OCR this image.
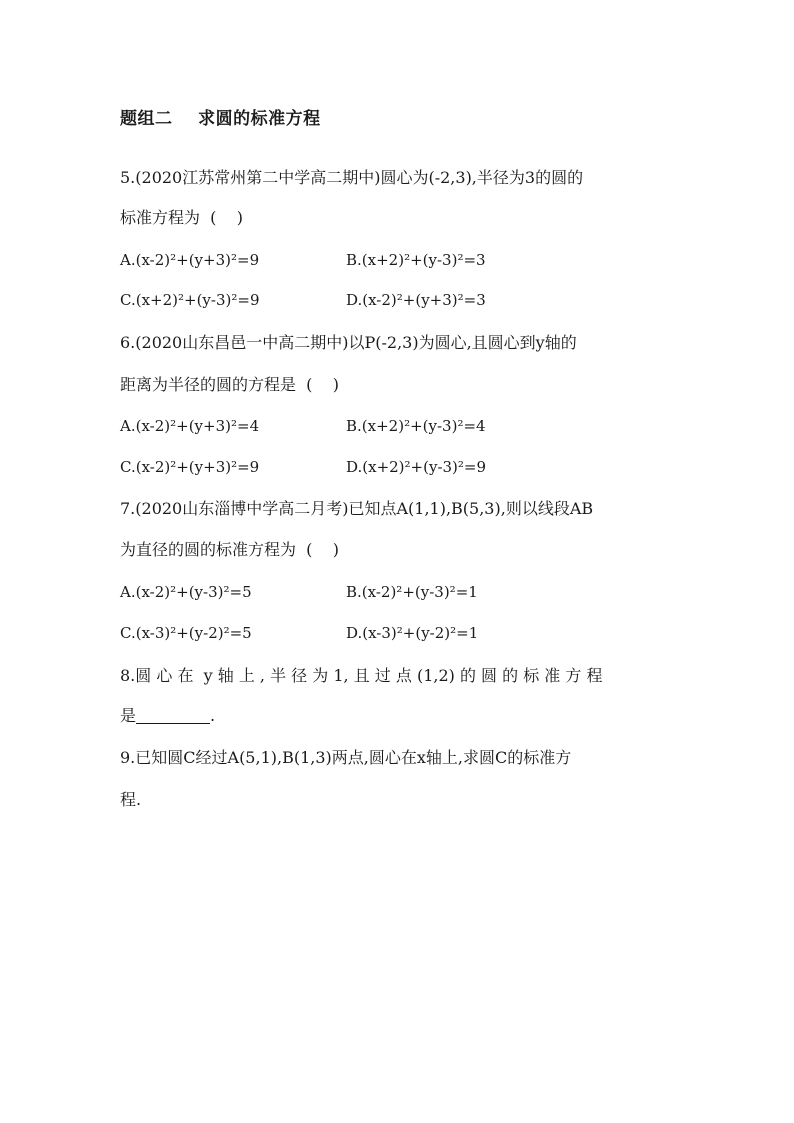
题组二    求圆的标准方程
5.(2020江苏常州第二中学高二期中)圆心为(-2,3),半径为3的圆的
标准方程为  (    )
A.(x-2)²+(y+3)²=9	B.(x+2)²+(y-3)²=3
C.(x+2)²+(y-3)²=9	D.(x-2)²+(y+3)²=3
6.(2020山东昌邑一中高二期中)以P(-2,3)为圆心,且圆心到y轴的
距离为半径的圆的方程是  (    )
A.(x-2)²+(y+3)²=4	B.(x+2)²+(y-3)²=4
C.(x-2)²+(y+3)²=9	D.(x+2)²+(y-3)²=9
7.(2020山东淄博中学高二月考)已知点A(1,1),B(5,3),则以线段AB
为直径的圆的标准方程为  (    )
A.(x-2)²+(y-3)²=5	B.(x-2)²+(y-3)²=1
C.(x-3)²+(y-2)²=5	D.(x-3)²+(y-2)²=1
8.圆 心 在  y 轴 上 , 半 径 为 1, 且 过 点 (1,2) 的 圆 的 标 准 方 程
是	.
9.已知圆C经过A(5,1),B(1,3)两点,圆心在x轴上,求圆C的标准方
程.
